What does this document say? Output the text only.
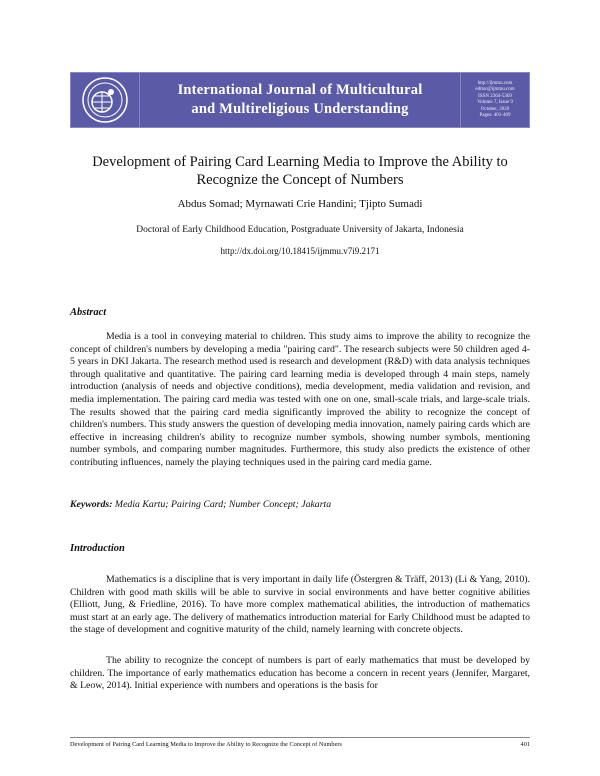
International Journal of Multicultural
and Multireligious Understanding
http://ijmmu.com
editor@ijmmu.com
ISSN 2364-5369
Volume 7, Issue 9
October, 2020
Pages: 401-409
Development of Pairing Card Learning Media to Improve the Ability to Recognize the Concept of Numbers
Abdus Somad; Myrnawati Crie Handini; Tjipto Sumadi
Doctoral of Early Childhood Education, Postgraduate University of Jakarta, Indonesia
http://dx.doi.org/10.18415/ijmmu.v7i9.2171
Abstract

Media is a tool in conveying material to children. This study aims to improve the ability to recognize the concept of children's numbers by developing a media "pairing card". The research subjects were 50 children aged 4-5 years in DKI Jakarta. The research method used is research and development (R&D) with data analysis techniques through qualitative and quantitative. The pairing card learning media is developed through 4 main steps, namely introduction (analysis of needs and objective conditions), media development, media validation and revision, and media implementation. The pairing card media was tested with one on one, small-scale trials, and large-scale trials. The results showed that the pairing card media significantly improved the ability to recognize the concept of children's numbers. This study answers the question of developing media innovation, namely pairing cards which are effective in increasing children's ability to recognize number symbols, showing number symbols, mentioning number symbols, and comparing number magnitudes. Furthermore, this study also predicts the existence of other contributing influences, namely the playing techniques used in the pairing card media game.

Keywords: Media Kartu; Pairing Card; Number Concept; Jakarta
Introduction

Mathematics is a discipline that is very important in daily life (Östergren & Träff, 2013) (Li & Yang, 2010). Children with good math skills will be able to survive in social environments and have better cognitive abilities (Elliott, Jung, & Friedline, 2016). To have more complex mathematical abilities, the introduction of mathematics must start at an early age. The delivery of mathematics introduction material for Early Childhood must be adapted to the stage of development and cognitive maturity of the child, namely learning with concrete objects.

The ability to recognize the concept of numbers is part of early mathematics that must be developed by children. The importance of early mathematics education has become a concern in recent years (Jennifer, Margaret, & Leow, 2014). Initial experience with numbers and operations is the basis for

Development of Pairing Card Learning Media to Improve the Ability to Recognize the Concept of Numbers	401
